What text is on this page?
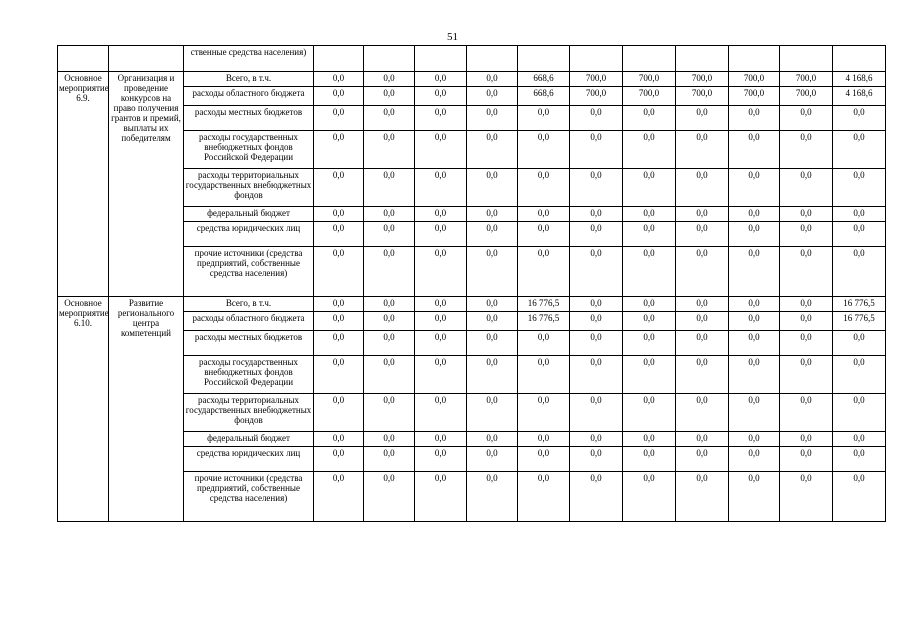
51
		ственные средства населения)											
Основное мероприятие 6.9.	Организация и проведение конкурсов на право получения грантов и премий, выплаты их победителям	Всего, в т.ч.	0,0	0,0	0,0	0,0	668,6	700,0	700,0	700,0	700,0	700,0	4 168,6
		расходы областного бюджета	0,0	0,0	0,0	0,0	668,6	700,0	700,0	700,0	700,0	700,0	4 168,6
		расходы местных бюджетов	0,0	0,0	0,0	0,0	0,0	0,0	0,0	0,0	0,0	0,0	0,0
		расходы государственных внебюджетных фондов Российской Федерации	0,0	0,0	0,0	0,0	0,0	0,0	0,0	0,0	0,0	0,0	0,0
		расходы территориальных государственных внебюджетных фондов	0,0	0,0	0,0	0,0	0,0	0,0	0,0	0,0	0,0	0,0	0,0
		федеральный бюджет	0,0	0,0	0,0	0,0	0,0	0,0	0,0	0,0	0,0	0,0	0,0
		средства юридических лиц	0,0	0,0	0,0	0,0	0,0	0,0	0,0	0,0	0,0	0,0	0,0
		прочие источники (средства предприятий, собственные средства населения)	0,0	0,0	0,0	0,0	0,0	0,0	0,0	0,0	0,0	0,0	0,0
Основное мероприятие 6.10.	Развитие регионального центра компетенций	Всего, в т.ч.	0,0	0,0	0,0	0,0	16 776,5	0,0	0,0	0,0	0,0	0,0	16 776,5
		расходы областного бюджета	0,0	0,0	0,0	0,0	16 776,5	0,0	0,0	0,0	0,0	0,0	16 776,5
		расходы местных бюджетов	0,0	0,0	0,0	0,0	0,0	0,0	0,0	0,0	0,0	0,0	0,0
		расходы государственных внебюджетных фондов Российской Федерации	0,0	0,0	0,0	0,0	0,0	0,0	0,0	0,0	0,0	0,0	0,0
		расходы территориальных государственных внебюджетных фондов	0,0	0,0	0,0	0,0	0,0	0,0	0,0	0,0	0,0	0,0	0,0
		федеральный бюджет	0,0	0,0	0,0	0,0	0,0	0,0	0,0	0,0	0,0	0,0	0,0
		средства юридических лиц	0,0	0,0	0,0	0,0	0,0	0,0	0,0	0,0	0,0	0,0	0,0
		прочие источники (средства предприятий, собственные средства населения)	0,0	0,0	0,0	0,0	0,0	0,0	0,0	0,0	0,0	0,0	0,0
